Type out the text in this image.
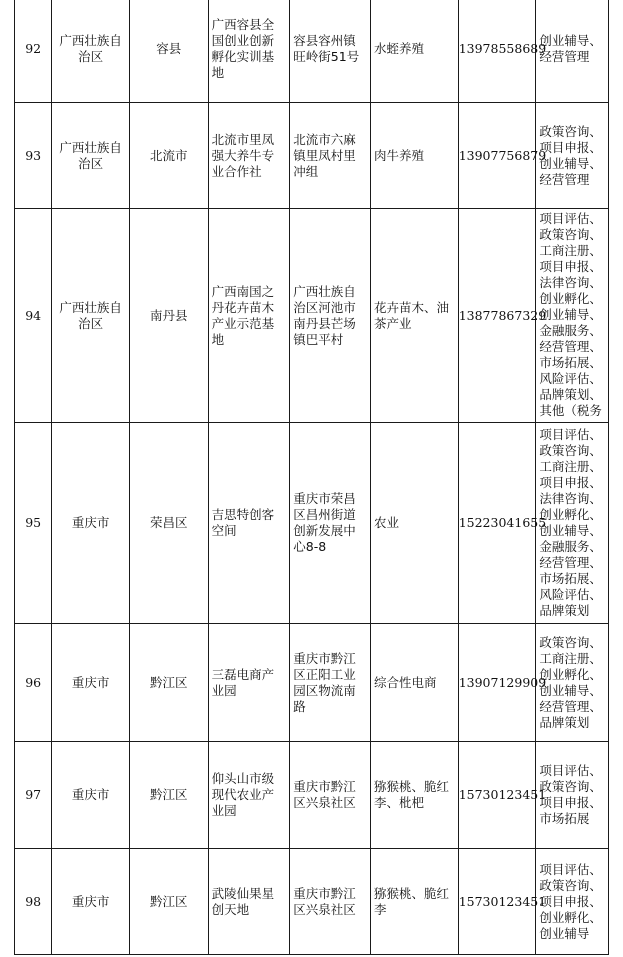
92	广西壮族自治区	容县	广西容县全国创业创新孵化实训基地	容县容州镇旺岭街51号	水蛭养殖	13978558689	创业辅导、经营管理

93	广西壮族自治区	北流市	北流市里凤强大养牛专业合作社	北流市六麻镇里凤村里冲组	肉牛养殖	13907756879	政策咨询、项目申报、创业辅导、经营管理

94	广西壮族自治区	南丹县	广西南国之丹花卉苗木产业示范基地	广西壮族自治区河池市南丹县芒场镇巴平村	花卉苗木、油茶产业	13877867329	项目评估、政策咨询、工商注册、项目申报、法律咨询、创业孵化、创业辅导、金融服务、经营管理、市场拓展、风险评估、品牌策划、其他（税务

95	重庆市	荣昌区	吉思特创客空间	重庆市荣昌区昌州街道创新发展中心8-8	农业	15223041655	项目评估、政策咨询、工商注册、项目申报、法律咨询、创业孵化、创业辅导、金融服务、经营管理、市场拓展、风险评估、品牌策划

96	重庆市	黔江区	三磊电商产业园	重庆市黔江区正阳工业园区物流南路	综合性电商	13907129909	政策咨询、工商注册、创业孵化、创业辅导、经营管理、品牌策划

97	重庆市	黔江区	仰头山市级现代农业产业园	重庆市黔江区兴泉社区	猕猴桃、脆红李、枇杷	15730123451	项目评估、政策咨询、项目申报、市场拓展

98	重庆市	黔江区	武陵仙果星创天地	重庆市黔江区兴泉社区	猕猴桃、脆红李	15730123451	项目评估、政策咨询、项目申报、创业孵化、创业辅导
